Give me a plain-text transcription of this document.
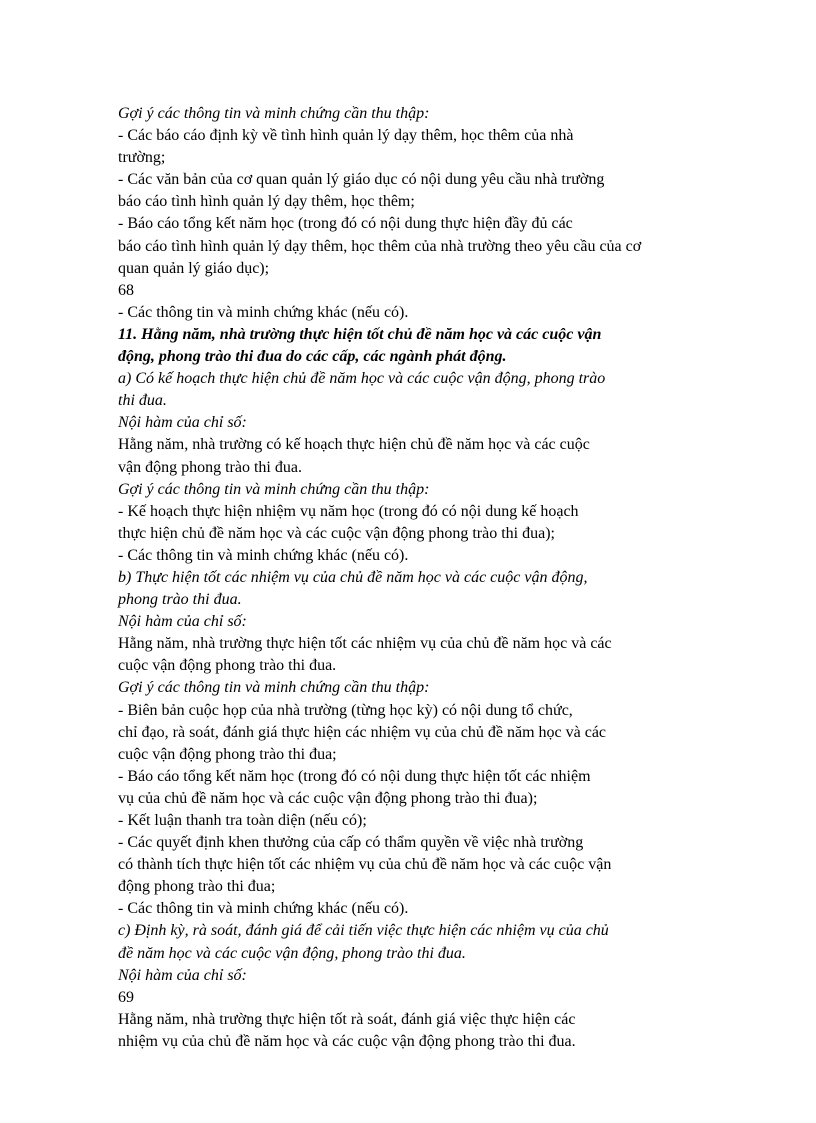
Gợi ý các thông tin và minh chứng cần thu thập:

- Các báo cáo định kỳ về tình hình quản lý dạy thêm, học thêm của nhà

trường;

- Các văn bản của cơ quan quản lý giáo dục có nội dung yêu cầu nhà trường

báo cáo tình hình quản lý dạy thêm, học thêm;

- Báo cáo tổng kết năm học (trong đó có nội dung thực hiện đầy đủ các

báo cáo tình hình quản lý dạy thêm, học thêm của nhà trường theo yêu cầu của cơ

quan quản lý giáo dục);

68

- Các thông tin và minh chứng khác (nếu có).

11. Hằng năm, nhà trường thực hiện tốt chủ đề năm học và các cuộc vận

động, phong trào thi đua do các cấp, các ngành phát động.

a) Có kế hoạch thực hiện chủ đề năm học và các cuộc vận động, phong trào

thi đua.

Nội hàm của chỉ số:

Hằng năm, nhà trường có kế hoạch thực hiện chủ đề năm học và các cuộc

vận động phong trào thi đua.

Gợi ý các thông tin và minh chứng cần thu thập:

- Kế hoạch thực hiện nhiệm vụ năm học (trong đó có nội dung kế hoạch

thực hiện chủ đề năm học và các cuộc vận động phong trào thi đua);

- Các thông tin và minh chứng khác (nếu có).

b) Thực hiện tốt các nhiệm vụ của chủ đề năm học và các cuộc vận động,

phong trào thi đua.

Nội hàm của chỉ số:

Hằng năm, nhà trường thực hiện tốt các nhiệm vụ của chủ đề năm học và các

cuộc vận động phong trào thi đua.

Gợi ý các thông tin và minh chứng cần thu thập:

- Biên bản cuộc họp của nhà trường (từng học kỳ) có nội dung tổ chức,

chỉ đạo, rà soát, đánh giá thực hiện các nhiệm vụ của chủ đề năm học và các

cuộc vận động phong trào thi đua;

- Báo cáo tổng kết năm học (trong đó có nội dung thực hiện tốt các nhiệm

vụ của chủ đề năm học và các cuộc vận động phong trào thi đua);

- Kết luận thanh tra toàn diện (nếu có);

- Các quyết định khen thưởng của cấp có thẩm quyền về việc nhà trường

có thành tích thực hiện tốt các nhiệm vụ của chủ đề năm học và các cuộc vận

động phong trào thi đua;

- Các thông tin và minh chứng khác (nếu có).

c) Định kỳ, rà soát, đánh giá để cải tiến việc thực hiện các nhiệm vụ của chủ

đề năm học và các cuộc vận động, phong trào thi đua.

Nội hàm của chỉ số:

69

Hằng năm, nhà trường thực hiện tốt rà soát, đánh giá việc thực hiện các

nhiệm vụ của chủ đề năm học và các cuộc vận động phong trào thi đua.
